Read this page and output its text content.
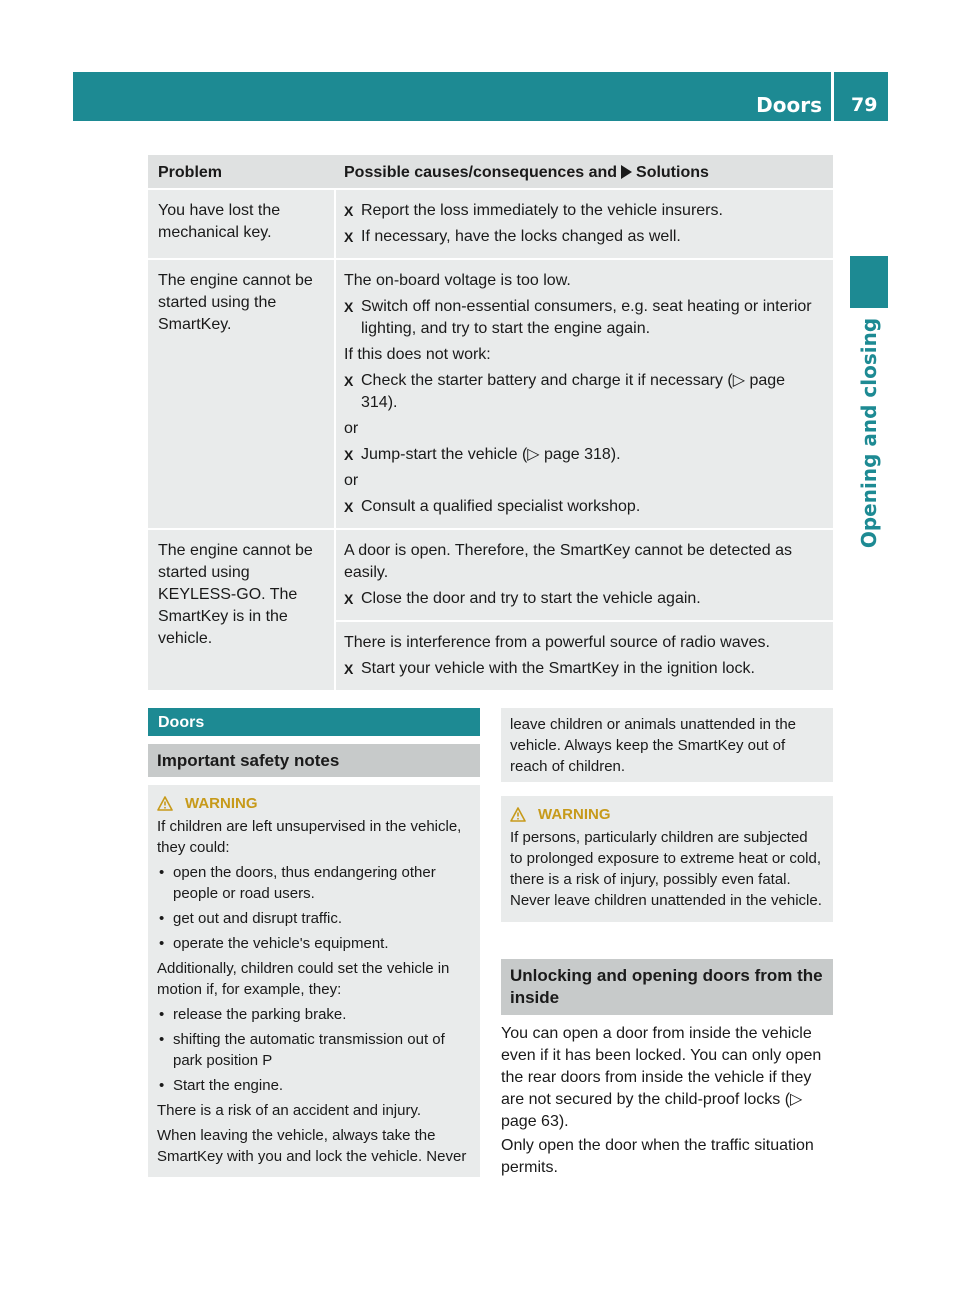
Doors 79
Opening and closing
Problem	Possible causes/consequences and Solutions
You have lost the mechanical key.
X Report the loss immediately to the vehicle insurers.
X If necessary, have the locks changed as well.
The engine cannot be started using the SmartKey.
The on-board voltage is too low.
X Switch off non-essential consumers, e.g. seat heating or interior lighting, and try to start the engine again.
If this does not work:
X Check the starter battery and charge it if necessary (▷ page 314).
or
X Jump-start the vehicle (▷ page 318).
or
X Consult a qualified specialist workshop.
The engine cannot be started using KEYLESS-GO. The SmartKey is in the vehicle.
A door is open. Therefore, the SmartKey cannot be detected as easily.
X Close the door and try to start the vehicle again.
There is interference from a powerful source of radio waves.
X Start your vehicle with the SmartKey in the ignition lock.
Doors
Important safety notes
WARNING
If children are left unsupervised in the vehicle, they could:
• open the doors, thus endangering other people or road users.
• get out and disrupt traffic.
• operate the vehicle's equipment.
Additionally, children could set the vehicle in motion if, for example, they:
• release the parking brake.
• shifting the automatic transmission out of park position P
• Start the engine.
There is a risk of an accident and injury.
When leaving the vehicle, always take the SmartKey with you and lock the vehicle. Never
leave children or animals unattended in the vehicle. Always keep the SmartKey out of reach of children.
WARNING
If persons, particularly children are subjected to prolonged exposure to extreme heat or cold, there is a risk of injury, possibly even fatal. Never leave children unattended in the vehicle.
Unlocking and opening doors from the inside
You can open a door from inside the vehicle even if it has been locked. You can only open the rear doors from inside the vehicle if they are not secured by the child-proof locks (▷ page 63).
Only open the door when the traffic situation permits.
